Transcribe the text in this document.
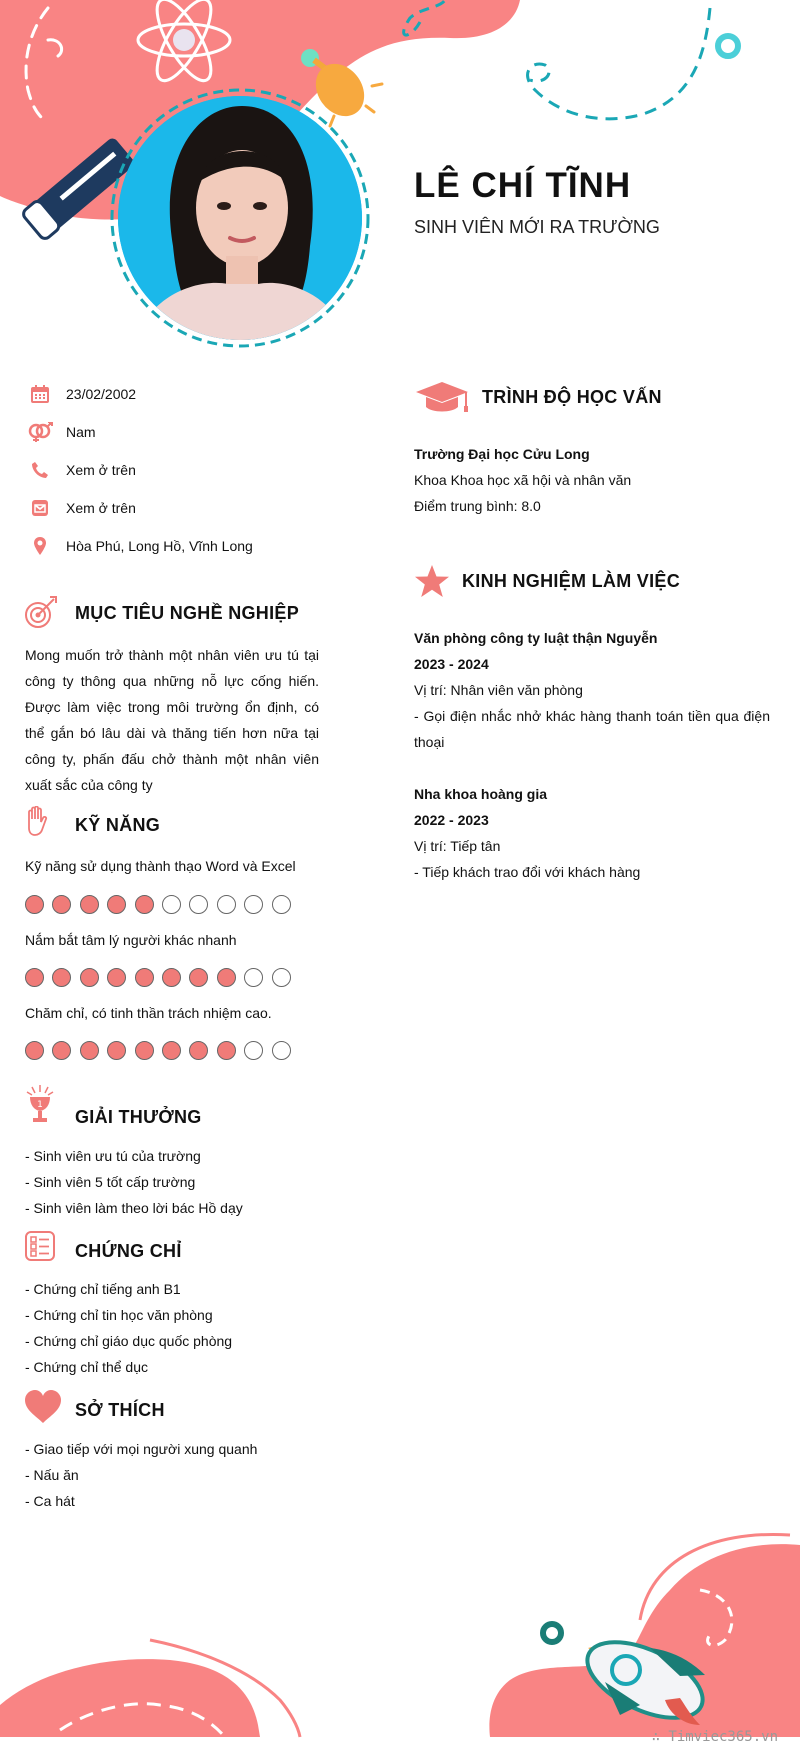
LÊ CHÍ TĨNH
SINH VIÊN MỚI RA TRƯỜNG
23/02/2002
Nam
Xem ở trên
Xem ở trên
Hòa Phú, Long Hồ, Vĩnh Long
MỤC TIÊU NGHỀ NGHIỆP
Mong muốn trở thành một nhân viên ưu tú tại công ty thông qua những nỗ lực cống hiến. Được làm việc trong môi trường ổn định, có thể gắn bó lâu dài và thăng tiến hơn nữa tại công ty, phấn đấu chở thành một nhân viên xuất sắc của công ty
KỸ NĂNG
Kỹ năng sử dụng thành thạo Word và Excel
Nắm bắt tâm lý người khác nhanh
Chăm chỉ, có tinh thần trách nhiệm cao.
1
GIẢI THƯỞNG
- Sinh viên ưu tú của trường
- Sinh viên 5 tốt cấp trường
- Sinh viên làm theo lời bác Hồ dạy
CHỨNG CHỈ
- Chứng chỉ tiếng anh B1
- Chứng chỉ tin học văn phòng
- Chứng chỉ giáo dục quốc phòng
- Chứng chỉ thể dục
SỞ THÍCH
- Giao tiếp với mọi người xung quanh
- Nấu ăn
- Ca hát
TRÌNH ĐỘ HỌC VẤN
Trường Đại học Cửu Long
Khoa Khoa học xã hội và nhân văn
Điểm trung bình: 8.0
KINH NGHIỆM LÀM VIỆC
Văn phòng công ty luật thận Nguyễn
2023 - 2024
Vị trí: Nhân viên văn phòng
- Gọi điện nhắc nhở khác hàng thanh toán tiền qua điện thoại
Nha khoa hoàng gia
2022 - 2023
Vị trí: Tiếp tân
- Tiếp khách trao đổi với khách hàng
∴ Timviec365.vn
